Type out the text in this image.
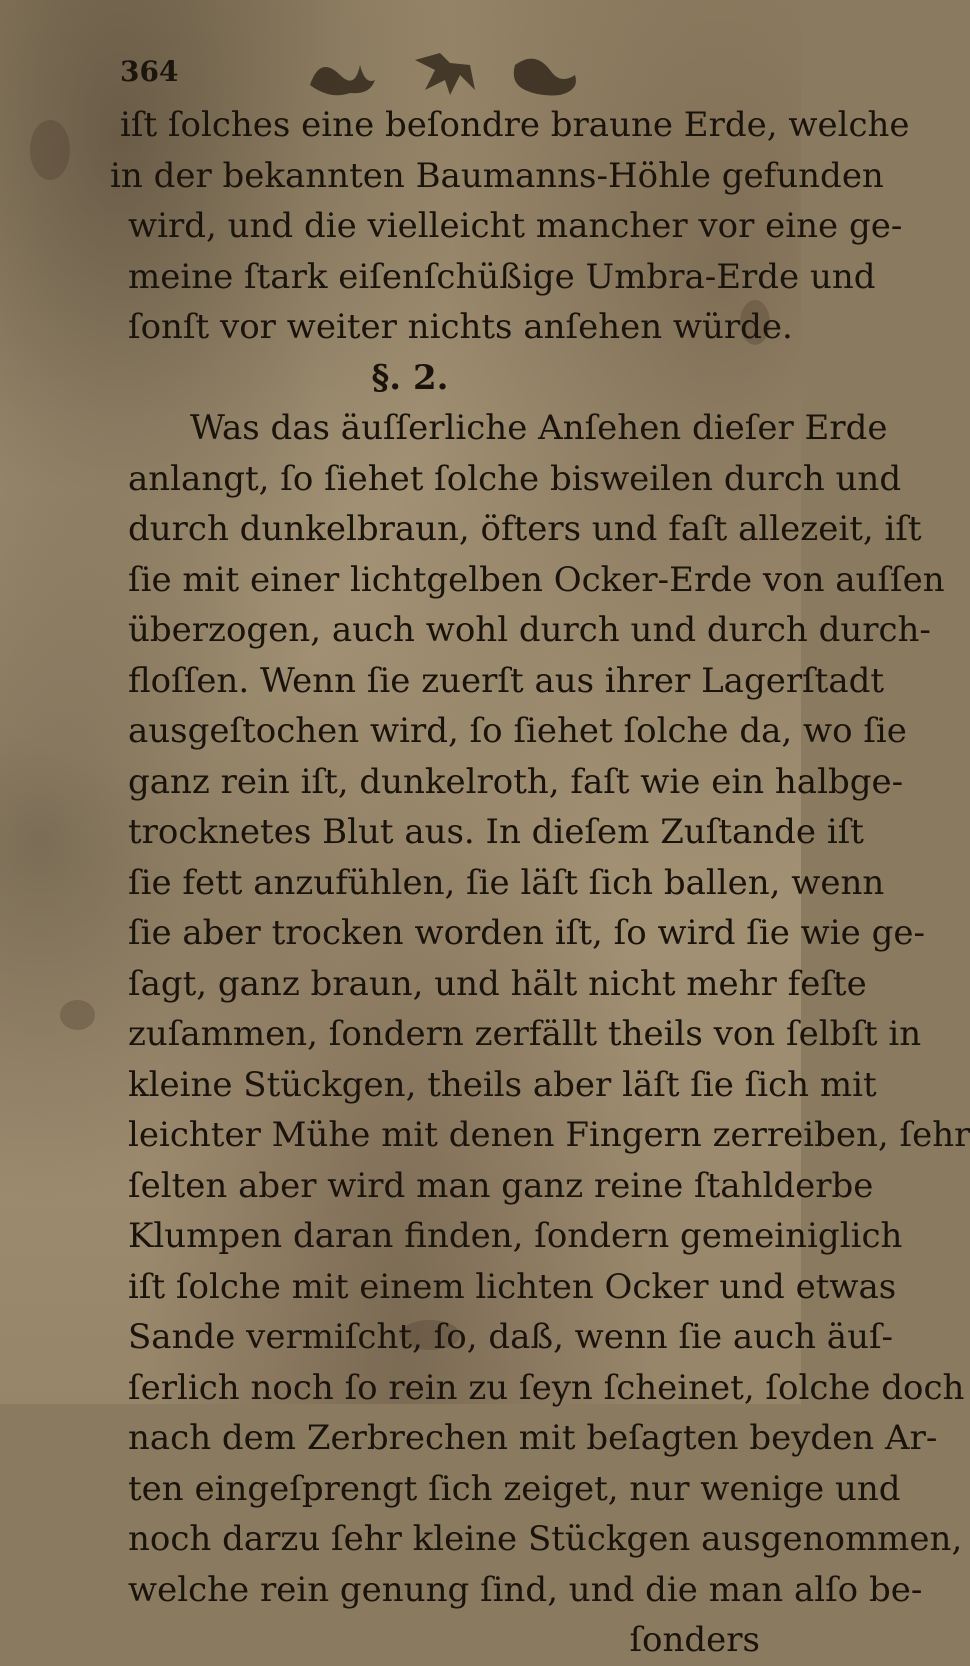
364
iſt ſolches eine beſondre braune Erde, welche
in der bekannten Baumanns-Höhle gefunden
wird, und die vielleicht mancher vor eine ge-
meine ſtark eiſenſchüßige Umbra-Erde und
ſonſt vor weiter nichts anſehen würde.
§. 2.
Was das äuſſerliche Anſehen dieſer Erde
anlangt, ſo ſiehet ſolche bisweilen durch und
durch dunkelbraun, öfters und faſt allezeit, iſt
ſie mit einer lichtgelben Ocker-Erde von auſſen
überzogen, auch wohl durch und durch durch-
floſſen. Wenn ſie zuerſt aus ihrer Lagerſtadt
ausgeſtochen wird, ſo ſiehet ſolche da, wo ſie
ganz rein iſt, dunkelroth, faſt wie ein halbge-
trocknetes Blut aus. In dieſem Zuſtande iſt
ſie fett anzufühlen, ſie läſt ſich ballen, wenn
ſie aber trocken worden iſt, ſo wird ſie wie ge-
ſagt, ganz braun, und hält nicht mehr feſte
zuſammen, ſondern zerfällt theils von ſelbſt in
kleine Stückgen, theils aber läſt ſie ſich mit
leichter Mühe mit denen Fingern zerreiben, ſehr
ſelten aber wird man ganz reine ſtahlderbe
Klumpen daran finden, ſondern gemeiniglich
iſt ſolche mit einem lichten Ocker und etwas
Sande vermiſcht, ſo, daß, wenn ſie auch äuſ-
ſerlich noch ſo rein zu ſeyn ſcheinet, ſolche doch
nach dem Zerbrechen mit beſagten beyden Ar-
ten eingeſprengt ſich zeiget, nur wenige und
noch darzu ſehr kleine Stückgen ausgenommen,
welche rein genung ſind, und die man alſo be-
ſonders
